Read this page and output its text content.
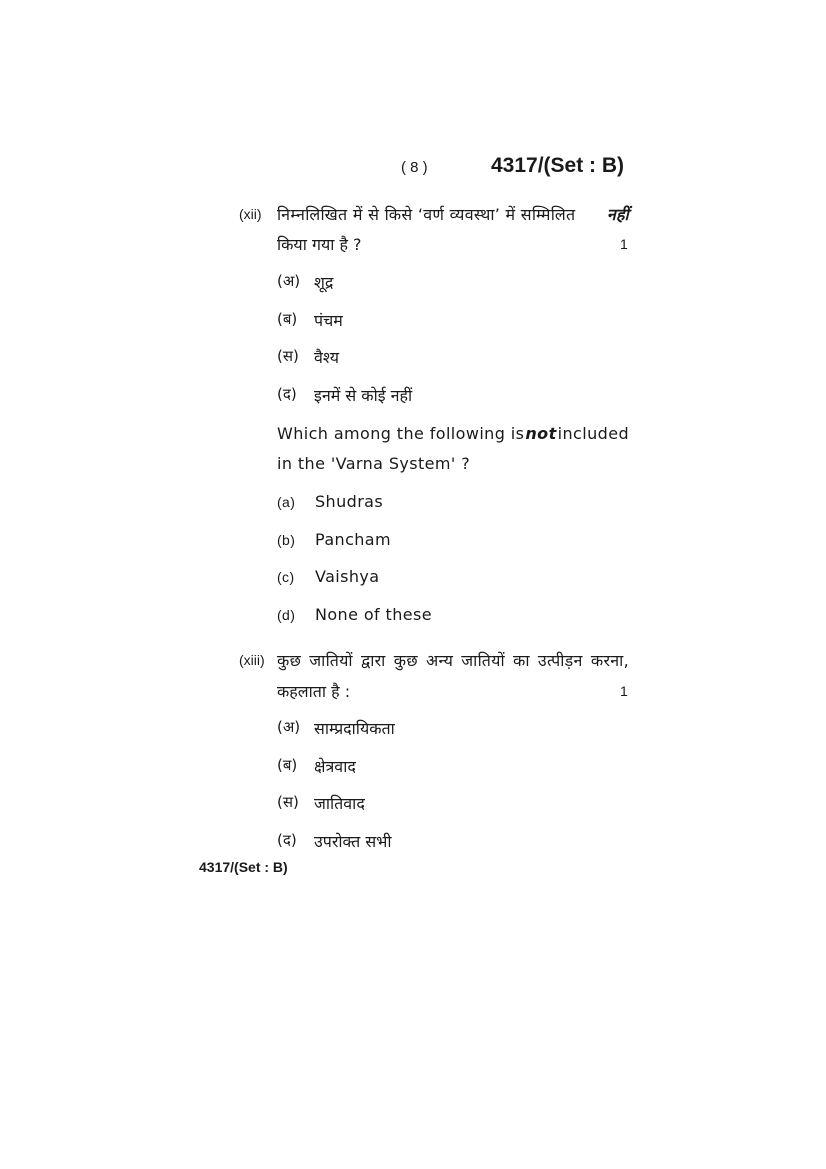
( 8 )	4317/(Set : B)
(xii) निम्नलिखित में से किसे ‘वर्ण व्यवस्था’ में सम्मिलित नहीं
किया गया है ?	1
(अ) शूद्र
(ब) पंचम
(स) वैश्य
(द) इनमें से कोई नहीं
Which among the following is not included
in the 'Varna System' ?
(a) Shudras
(b) Pancham
(c) Vaishya
(d) None of these
(xiii) कुछ जातियों द्वारा कुछ अन्य जातियों का उत्पीड़न करना,
कहलाता है :	1
(अ) साम्प्रदायिकता
(ब) क्षेत्रवाद
(स) जातिवाद
(द) उपरोक्त सभी
4317/(Set : B)
